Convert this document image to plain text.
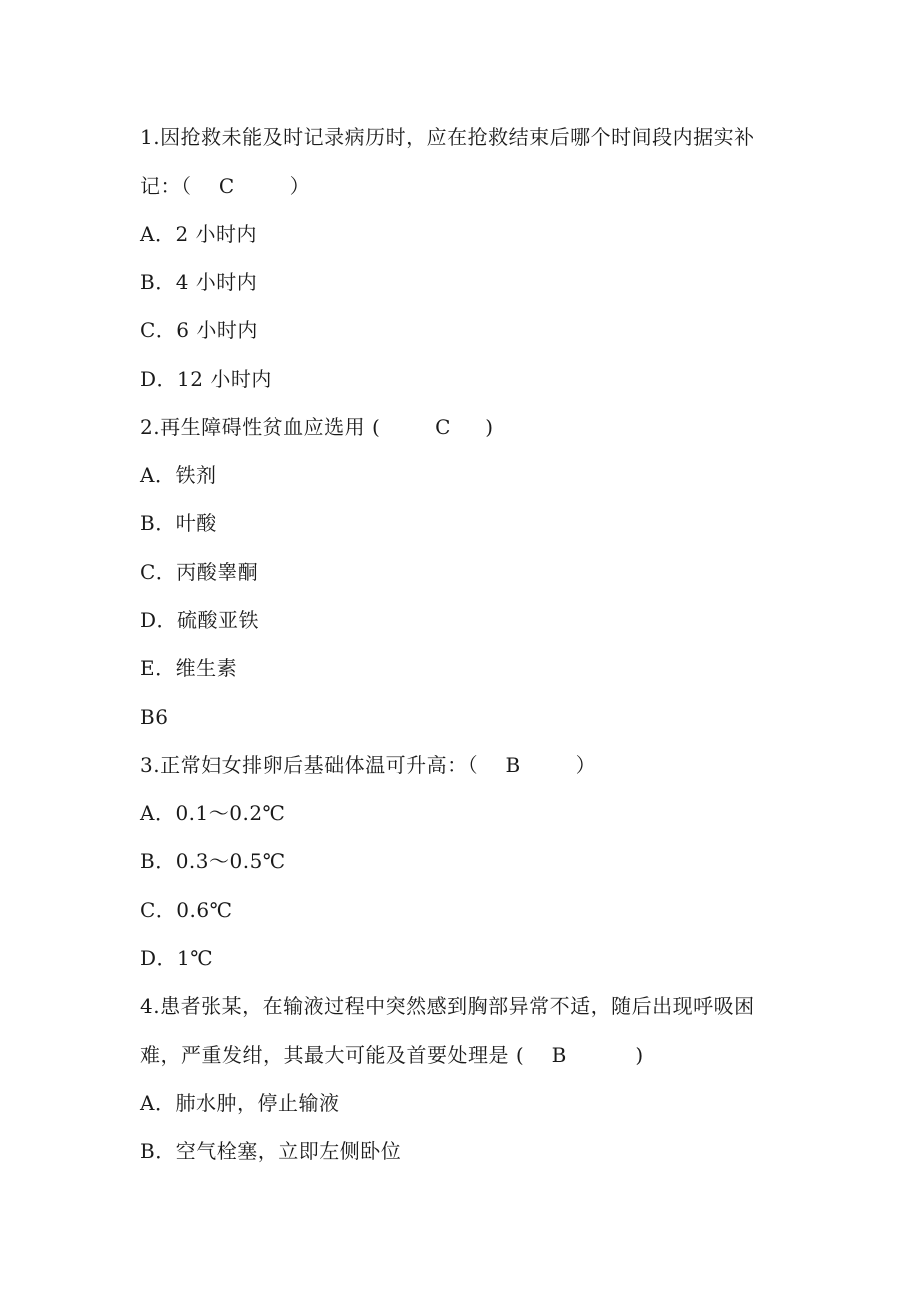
1.因抢救未能及时记录病历时，应在抢救结束后哪个时间段内据实补
记：（    C        ）
A．2 小时内
B．4 小时内
C．6 小时内
D．12 小时内
2.再生障碍性贫血应选用 (        C     )
A．铁剂
B．叶酸
C．丙酸睾酮
D．硫酸亚铁
E．维生素
B6
3.正常妇女排卵后基础体温可升高：（    B        ）
A．0.1～0.2℃
B．0.3～0.5℃
C．0.6℃
D．1℃
4.患者张某，在输液过程中突然感到胸部异常不适，随后出现呼吸困
难，严重发绀，其最大可能及首要处理是 (    B          )
A．肺水肿，停止输液
B．空气栓塞，立即左侧卧位
